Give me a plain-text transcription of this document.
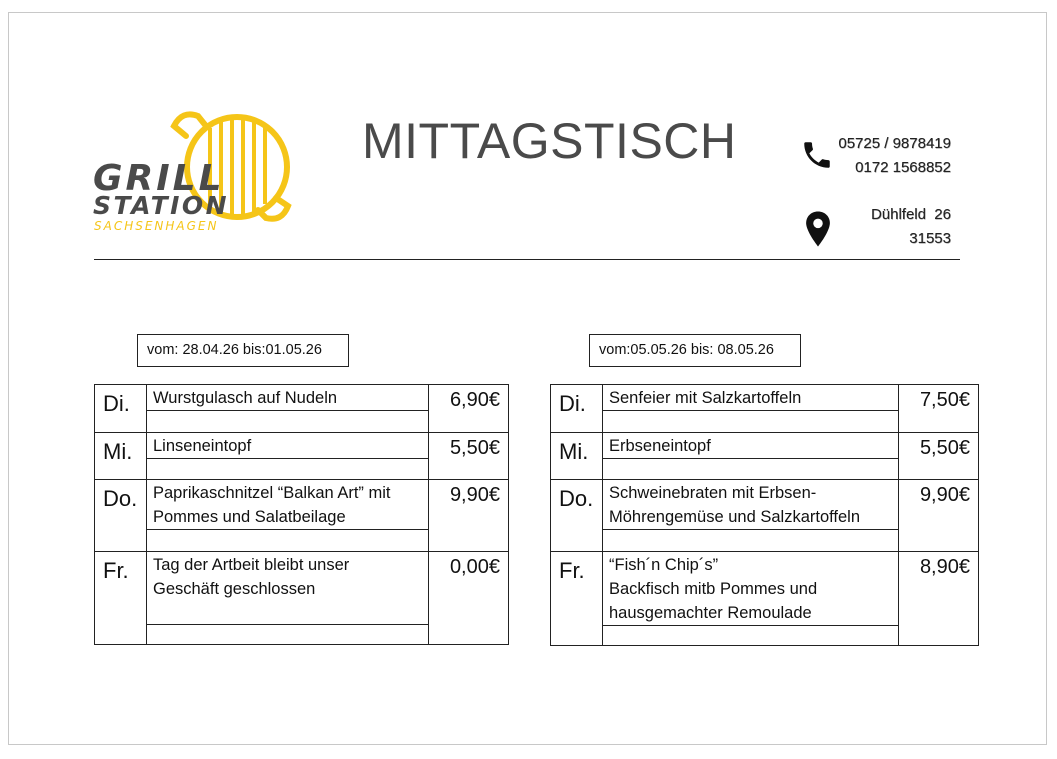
GRILL
STATION
SACHSENHAGEN
MITTAGSTISCH	05725 / 9878419
0172 1568852
Dühlfeld  26
31553
vom: 28.04.26 bis:01.05.26	vom:05.05.26 bis: 08.05.26
Di.	Wurstgulasch auf Nudeln	6,90€

Mi.	Linseneintopf	5,50€

Do.	Paprikaschnitzel “Balkan Art” mit
Pommes und Salatbeilage	9,90€

Fr.	Tag der Artbeit bleibt unser
Geschäft geschlossen	0,00€

Di.	Senfeier mit Salzkartoffeln	7,50€

Mi.	Erbseneintopf	5,50€

Do.	Schweinebraten mit Erbsen-
Möhrengemüse und Salzkartoffeln	9,90€

Fr.	“Fish´n Chip´s”
Backfisch mitb Pommes und
hausgemachter Remoulade	8,90€
